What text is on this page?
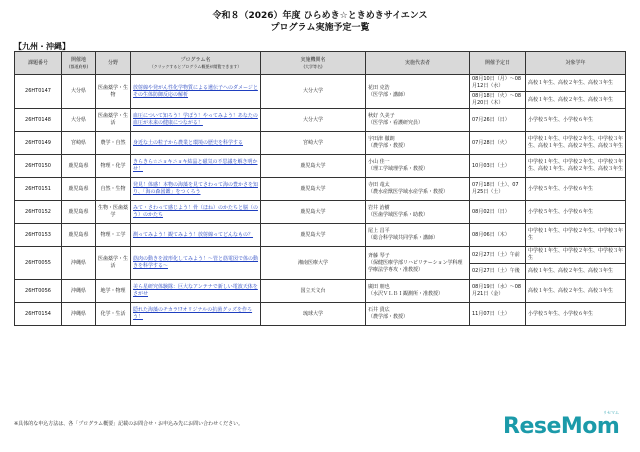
令和８（2026）年度 ひらめき☆ときめきサイエンス
プログラム実施予定一覧
【九州・沖縄】
課題番号	開催地
(都道府県)	分野	プログラム名
（クリックするとプログラム概要が閲覧できます）	実施機関名
(大学等名)	実施代表者	開催予定日	対象学年
26HT0147	大分県	医歯薬学・生物	放射線や発がん性化学物質による遺伝子へのダメージとその生体防御反応の解析	大分大学	花田 克浩
（医学部・講師）	08月10日（月）～08月12日（水）	高校１年生、高校２年生、高校３年生
						08月18日（火）～08月20日（木）	高校１年生、高校２年生、高校３年生
26HT0148	大分県	医歯薬学・生活	血圧について知ろう！学ぼう！やってみよう！あなたの血圧が未来の健康につながる！	大分大学	秋好 久美子
（医学部・看護研究員）	07月26日（日）	小学校５年生、小学校６年生
26HT0149	宮崎県	農学・自然	身近な土の粒子から農業と環境の歴史を科学する	宮崎大学	宇田津 徹朗
（農学部・教授）	07月28日（火）	中学校１年生、中学校２年生、中学校３年生、高校１年生、高校２年生、高校３年生
26HT0150	鹿児島県	物理・化学	きらきら☆ニョキニョキ結晶と磁気の不思議を解き明かせ！	鹿児島大学	小山 佳一
（理工学域理学系・教授）	10月03日（土）	中学校１年生、中学校２年生、中学校３年生、高校１年生、高校２年生、高校３年生
26HT0151	鹿児島県	自然・生物	発見！体感！本物の海藻を見てさわって海の豊かさを知り、「海の森図鑑」をつくろう	鹿児島大学	寺田 竜太
（農水産獣医学域水産学系・教授）	07月18日（土）、07月25日（土）	小学校５年生、小学校６年生
26HT0152	鹿児島県	生物・医歯薬学	みて・さわって感じよう！骨（ほね）のかたちと脳（のう）のかたち	鹿児島大学	岩井 治樹
（医歯学域医学系・助教）	08月02日（日）	小学校５年生、小学校６年生
26HT0153	鹿児島県	物理・工学	測ってみよう！観てみよう！放射線ってどんなもの？	鹿児島大学	尾上 昌平
（総合科学域共同学系・講師）	08月06日（木）	中学校１年生、中学校２年生、中学校３年生
26HT0055	沖縄県	医歯薬学・生活	筋肉の動きを波形化してみよう！～管と筋電図で体の動きを科学する～	湘南医療大学	斉藤 琴子
（保健医療学部リハビリテーション学科理学療法学専攻・准教授）	02月27日（土）午前	中学校１年生、中学校２年生、中学校３年生
						02月27日（土）午後	高校１年生、高校２年生、高校３年生
26HT0056	沖縄県	地学・物理	美ら星研究体験隊：巨大なアンテナで新しい電波天体をさがせ	国立天文台	廣田 朋也
（水沢ＶＬＢＩ観測所・准教授）	08月19日（水）～08月21日（金）	高校１年生、高校２年生、高校３年生
26HT0154	沖縄県	化学・生活	隠れた海藻のチカラ!?オリジナルの抗菌グッズを作ろう！	琉球大学	石井 貴広
（農学部・教授）	11月07日（土）	小学校５年生、小学校６年生
※具体的な申込方法は、各「プログラム概要」記載のお問合せ・お申込み先にお問い合わせください。
リセマム
ReseMom
